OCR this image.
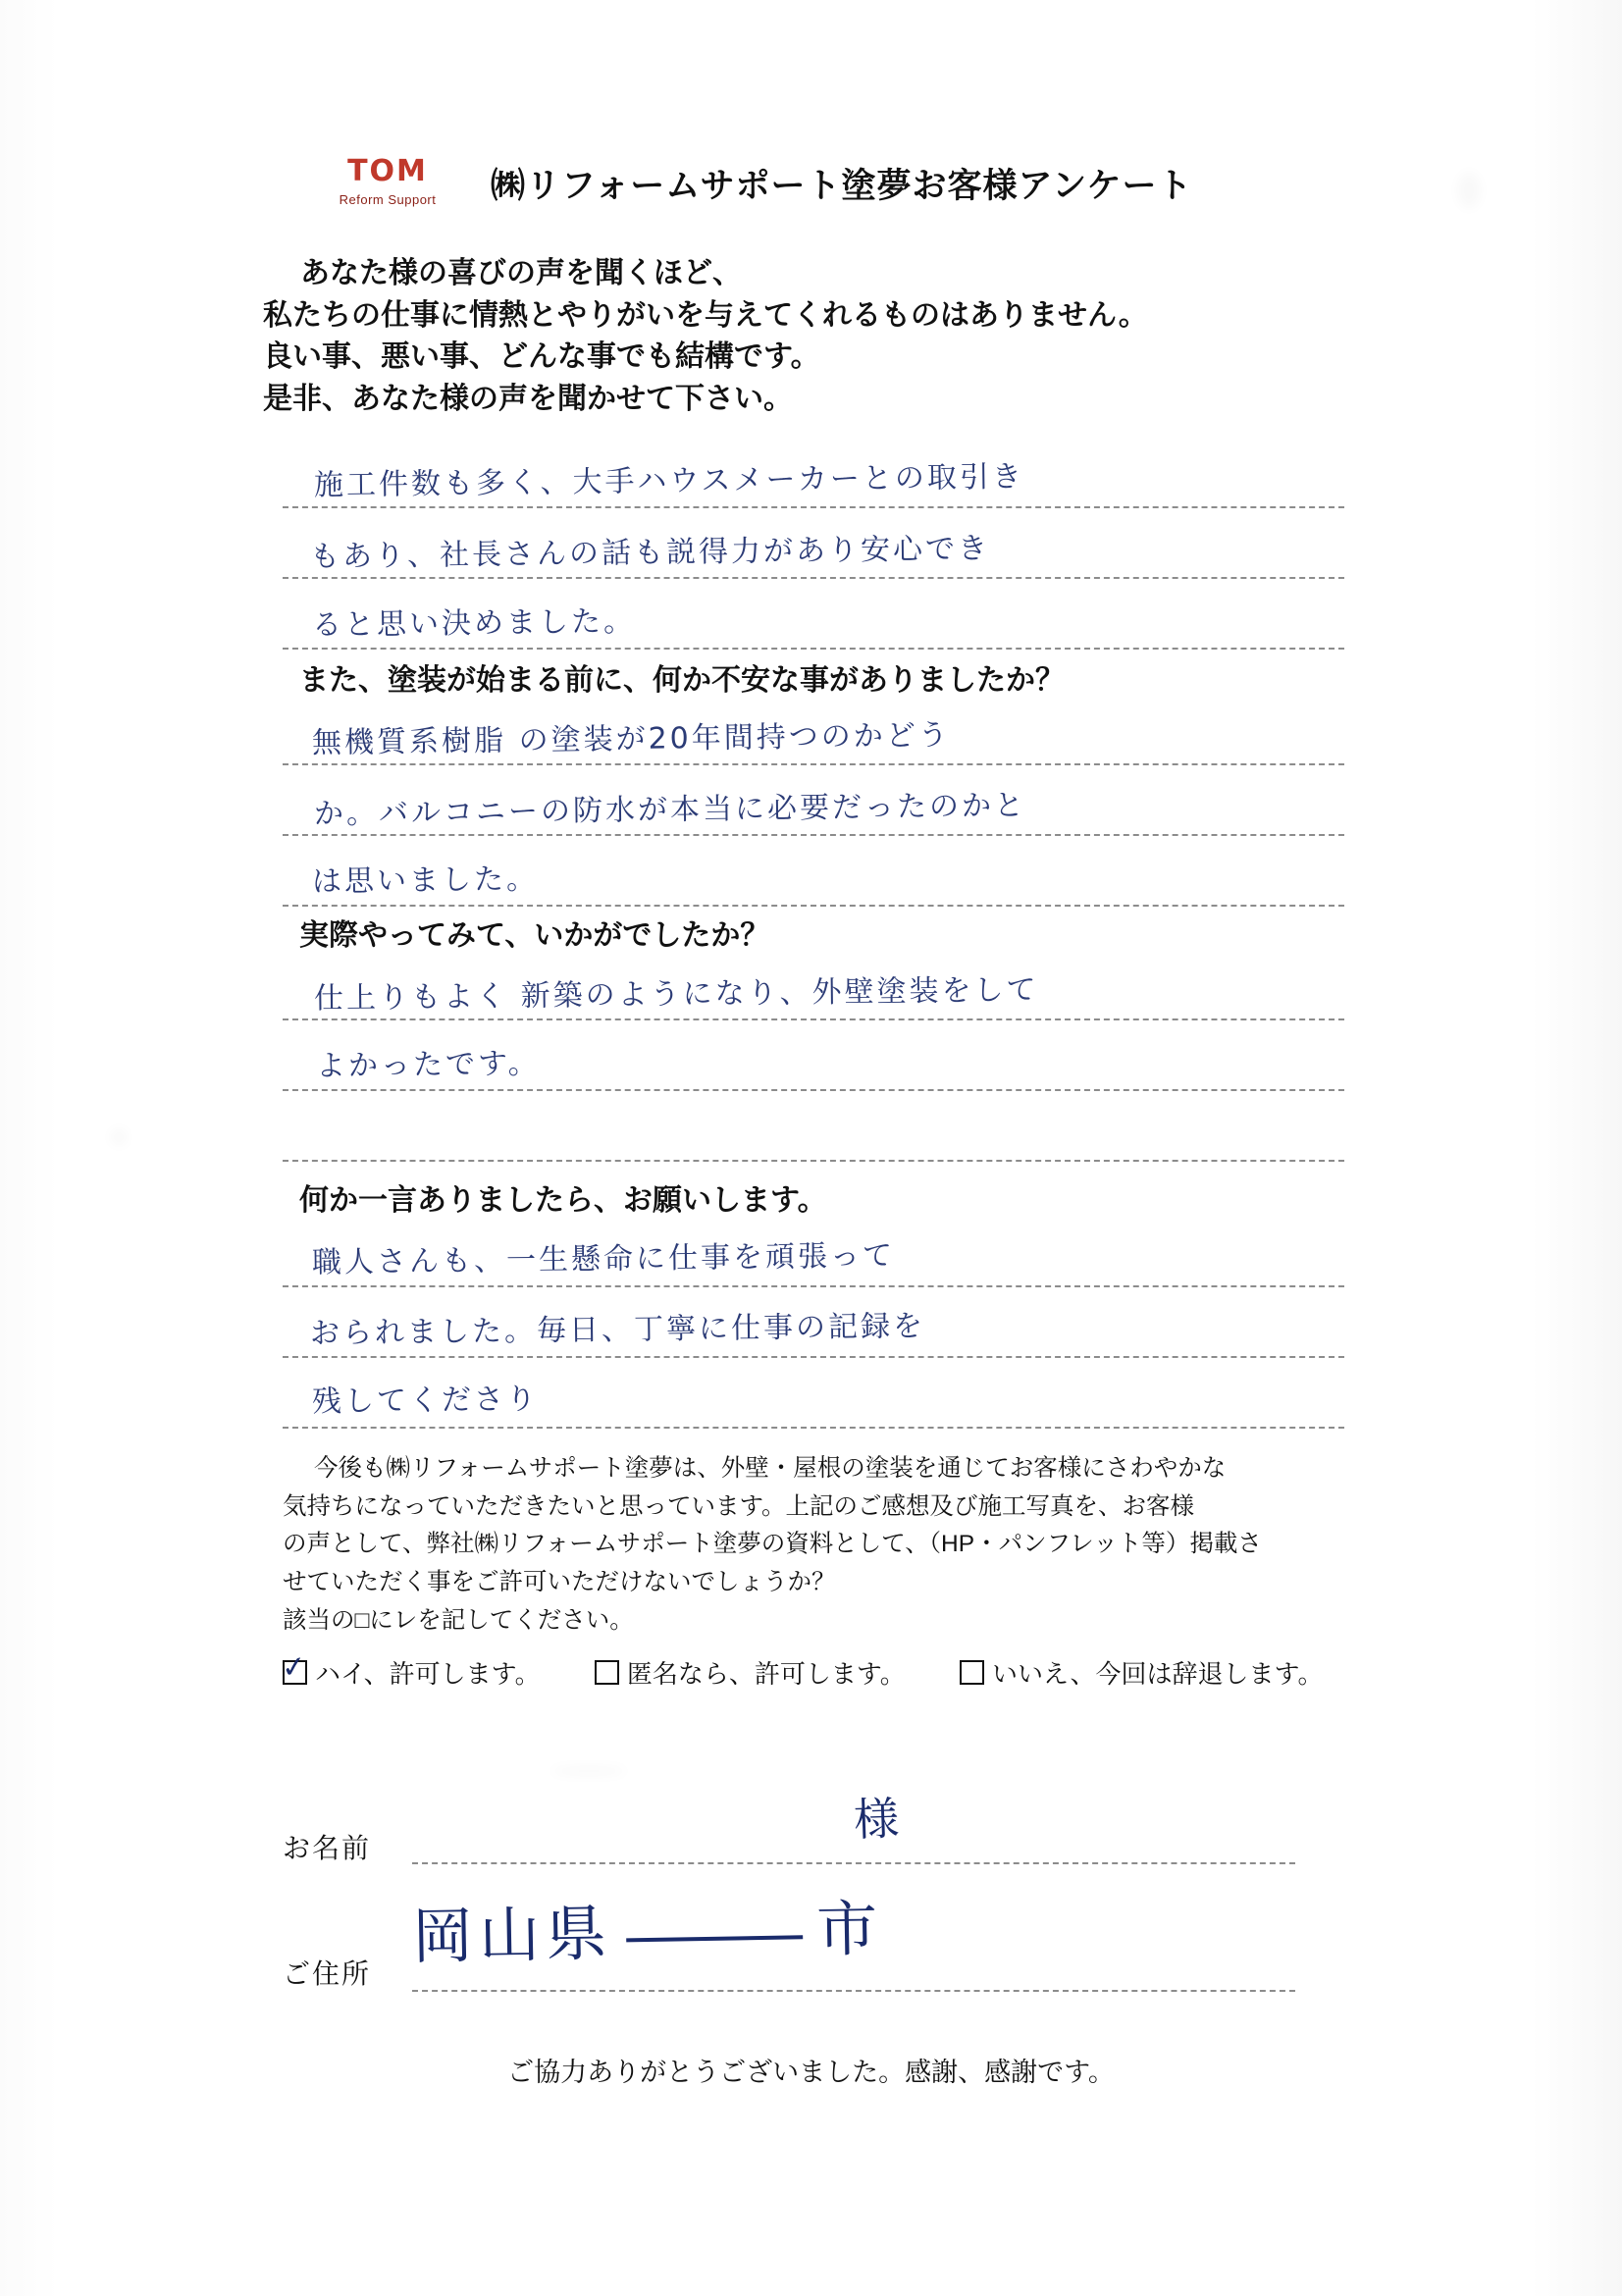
TOM
Reform Support	㈱リフォームサポート塗夢お客様アンケート
あなた様の喜びの声を聞くほど、
私たちの仕事に情熱とやりがいを与えてくれるものはありません。
良い事、悪い事、どんな事でも結構です。
是非、あなた様の声を聞かせて下さい。
施工件数も多く、大手ハウスメーカーとの取引き
もあり、社長さんの話も説得力があり安心でき
ると思い決めました。
また、塗装が始まる前に、何か不安な事がありましたか？
無機質系樹脂 の塗装が20年間持つのかどう
か。バルコニーの防水が本当に必要だったのかと
は思いました。
実際やってみて、いかがでしたか？
仕上りもよく 新築のようになり、外壁塗装をして
よかったです。
何か一言ありましたら、お願いします。
職人さんも、一生懸命に仕事を頑張って
おられました。毎日、丁寧に仕事の記録を
残してくださり
今後も㈱リフォームサポート塗夢は、外壁・屋根の塗装を通じてお客様にさわやかな
気持ちになっていただきたいと思っています。上記のご感想及び施工写真を、お客様
の声として、弊社㈱リフォームサポート塗夢の資料として、（HP・パンフレット等）掲載さ
せていただく事をご許可いただけないでしょうか？
該当の□にレを記してください。
✓ ハイ、許可します。	匿名なら、許可します。	いいえ、今回は辞退します。
お名前
様
ご住所
岡山県	市
ご協力ありがとうございました。感謝、感謝です。
